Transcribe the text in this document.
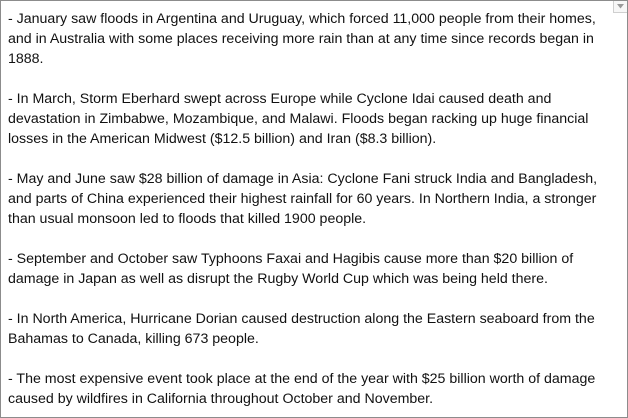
- January saw floods in Argentina and Uruguay, which forced 11,000 people from their homes, and in Australia with some places receiving more rain than at any time since records began in 1888.

- In March, Storm Eberhard swept across Europe while Cyclone Idai caused death and devastation in Zimbabwe, Mozambique, and Malawi. Floods began racking up huge financial losses in the American Midwest ($12.5 billion) and Iran ($8.3 billion).

- May and June saw $28 billion of damage in Asia: Cyclone Fani struck India and Bangladesh, and parts of China experienced their highest rainfall for 60 years. In Northern India, a stronger than usual monsoon led to floods that killed 1900 people.

- September and October saw Typhoons Faxai and Hagibis cause more than $20 billion of damage in Japan as well as disrupt the Rugby World Cup which was being held there.

- In North America, Hurricane Dorian caused destruction along the Eastern seaboard from the Bahamas to Canada, killing 673 people.

- The most expensive event took place at the end of the year with $25 billion worth of damage caused by wildfires in California throughout October and November.
